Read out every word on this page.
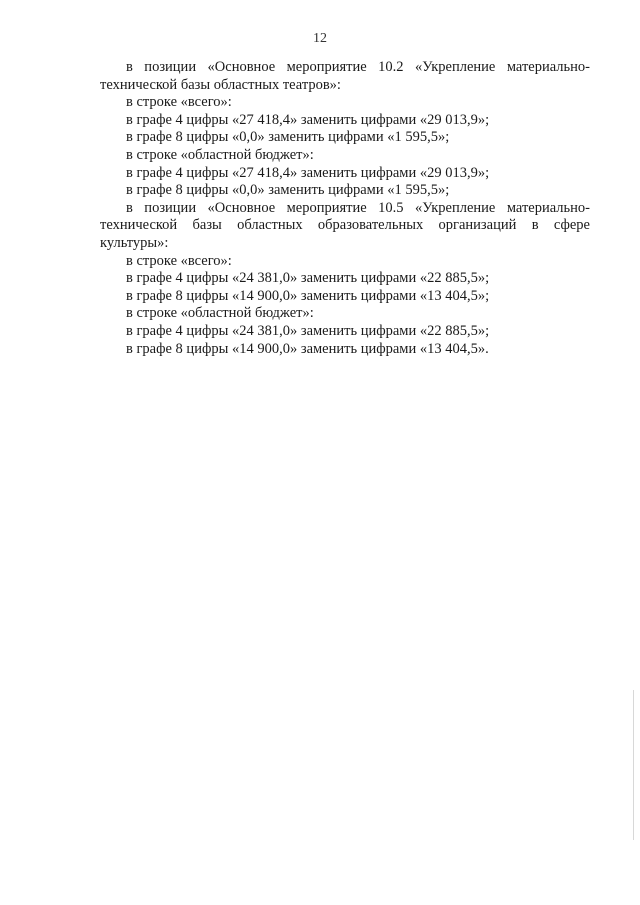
12

в позиции «Основное мероприятие 10.2 «Укрепление материально-технической базы областных театров»:

в строке «всего»:

в графе 4 цифры «27 418,4» заменить цифрами «29 013,9»;

в графе 8 цифры «0,0» заменить цифрами «1 595,5»;

в строке «областной бюджет»:

в графе 4 цифры «27 418,4» заменить цифрами «29 013,9»;

в графе 8 цифры «0,0» заменить цифрами «1 595,5»;

в позиции «Основное мероприятие 10.5 «Укрепление материально-технической базы областных образовательных организаций в сфере культуры»:

в строке «всего»:

в графе 4 цифры «24 381,0» заменить цифрами «22 885,5»;

в графе 8 цифры «14 900,0» заменить цифрами «13 404,5»;

в строке «областной бюджет»:

в графе 4 цифры «24 381,0» заменить цифрами «22 885,5»;

в графе 8 цифры «14 900,0» заменить цифрами «13 404,5».
